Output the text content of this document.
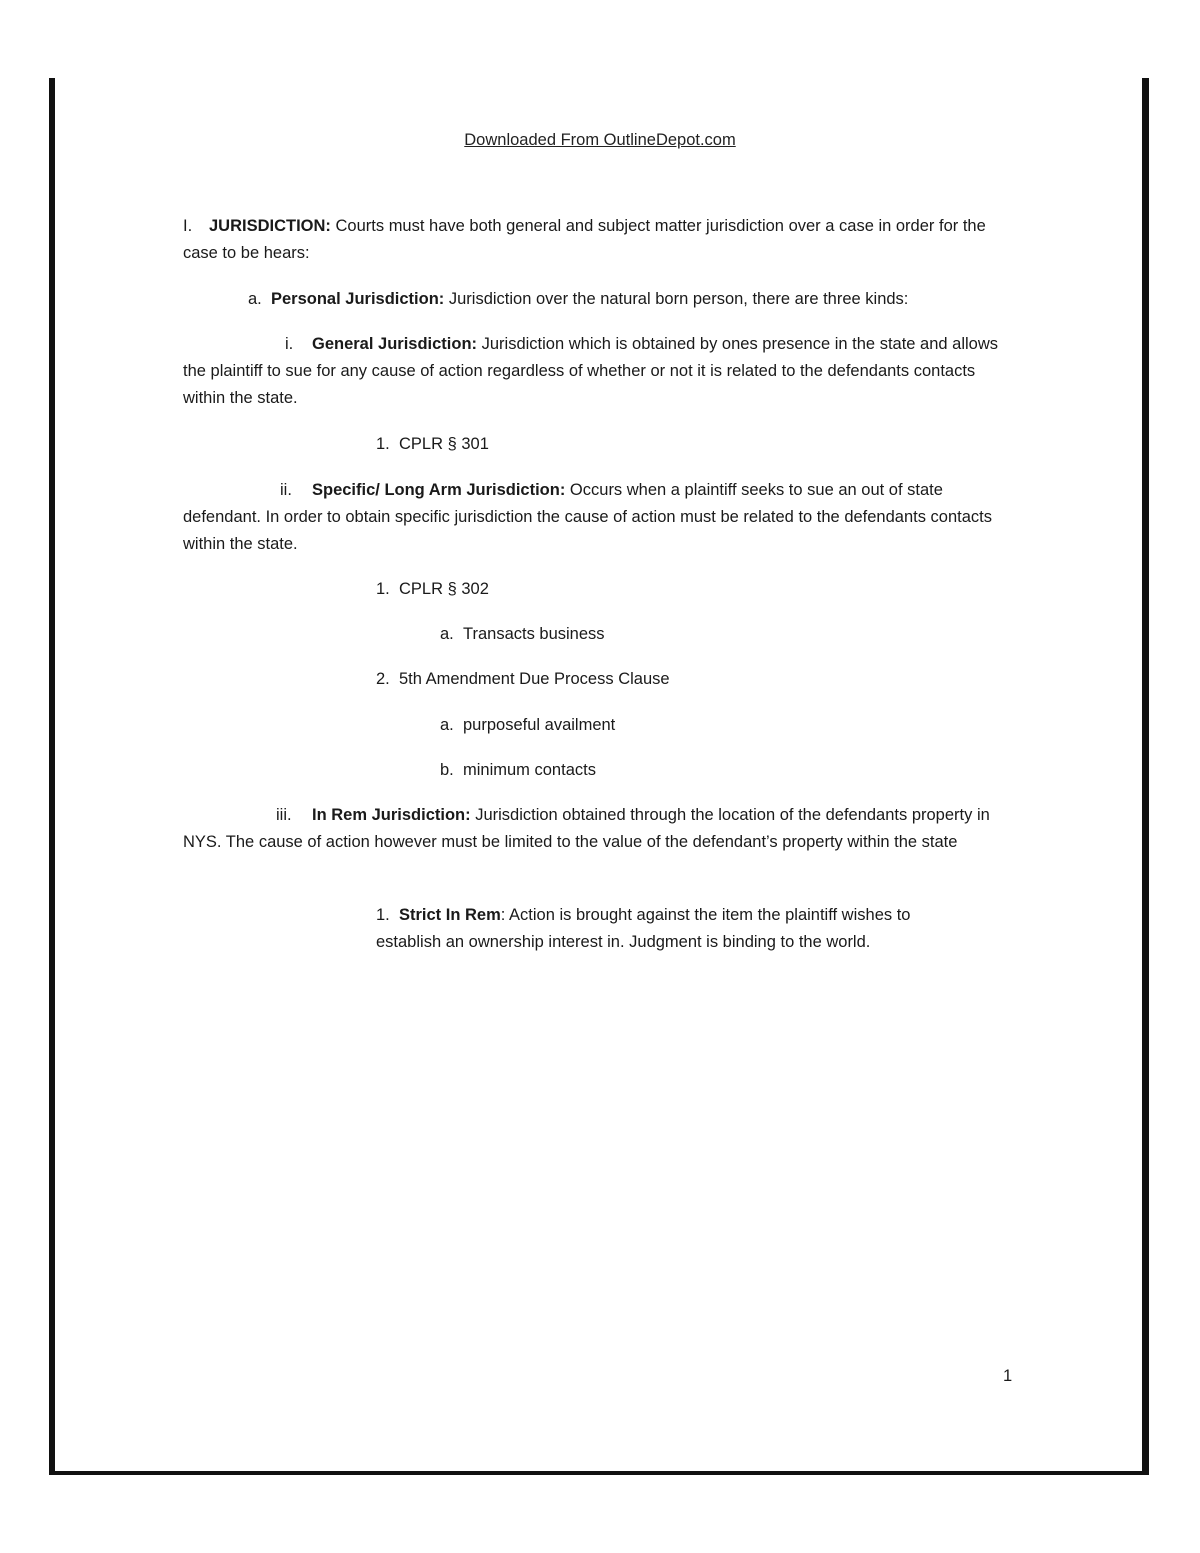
Downloaded From OutlineDepot.com

I. JURISDICTION: Courts must have both general and subject matter jurisdiction over a case in order for the case to be hears:

a. Personal Jurisdiction: Jurisdiction over the natural born person, there are three kinds:

i. General Jurisdiction: Jurisdiction which is obtained by ones presence in the state and allows the plaintiff to sue for any cause of action regardless of whether or not it is related to the defendants contacts within the state.

1. CPLR § 301

ii. Specific/ Long Arm Jurisdiction: Occurs when a plaintiff seeks to sue an out of state defendant. In order to obtain specific jurisdiction the cause of action must be related to the defendants contacts within the state.

1. CPLR § 302

a. Transacts business

2. 5th Amendment Due Process Clause

a. purposeful availment

b. minimum contacts

iii. In Rem Jurisdiction: Jurisdiction obtained through the location of the defendants property in NYS. The cause of action however must be limited to the value of the defendant’s property within the state

1. Strict In Rem: Action is brought against the item the plaintiff wishes to establish an ownership interest in. Judgment is binding to the world.

1
